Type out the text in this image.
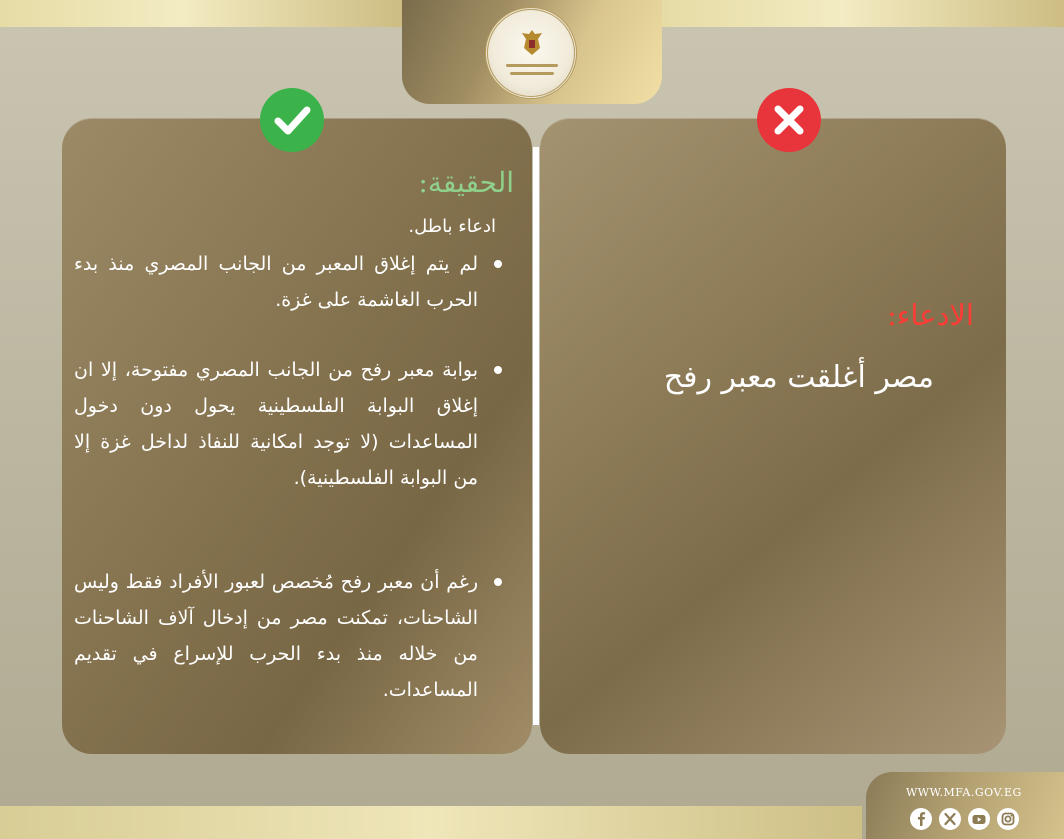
الحقيقة:
ادعاء باطل.
لم يتم إغلاق المعبر من الجانب المصري منذ بدء الحرب الغاشمة على غزة.
بوابة معبر رفح من الجانب المصري مفتوحة، إلا ان إغلاق البوابة الفلسطينية يحول دون دخول المساعدات (لا توجد امكانية للنفاذ لداخل غزة إلا من البوابة الفلسطينية).
رغم أن معبر رفح مُخصص لعبور الأفراد فقط وليس الشاحنات، تمكنت مصر من إدخال آلاف الشاحنات من خلاله منذ بدء الحرب للإسراع في تقديم المساعدات.
الادعاء:
مصر أغلقت معبر رفح
WWW.MFA.GOV.EG
